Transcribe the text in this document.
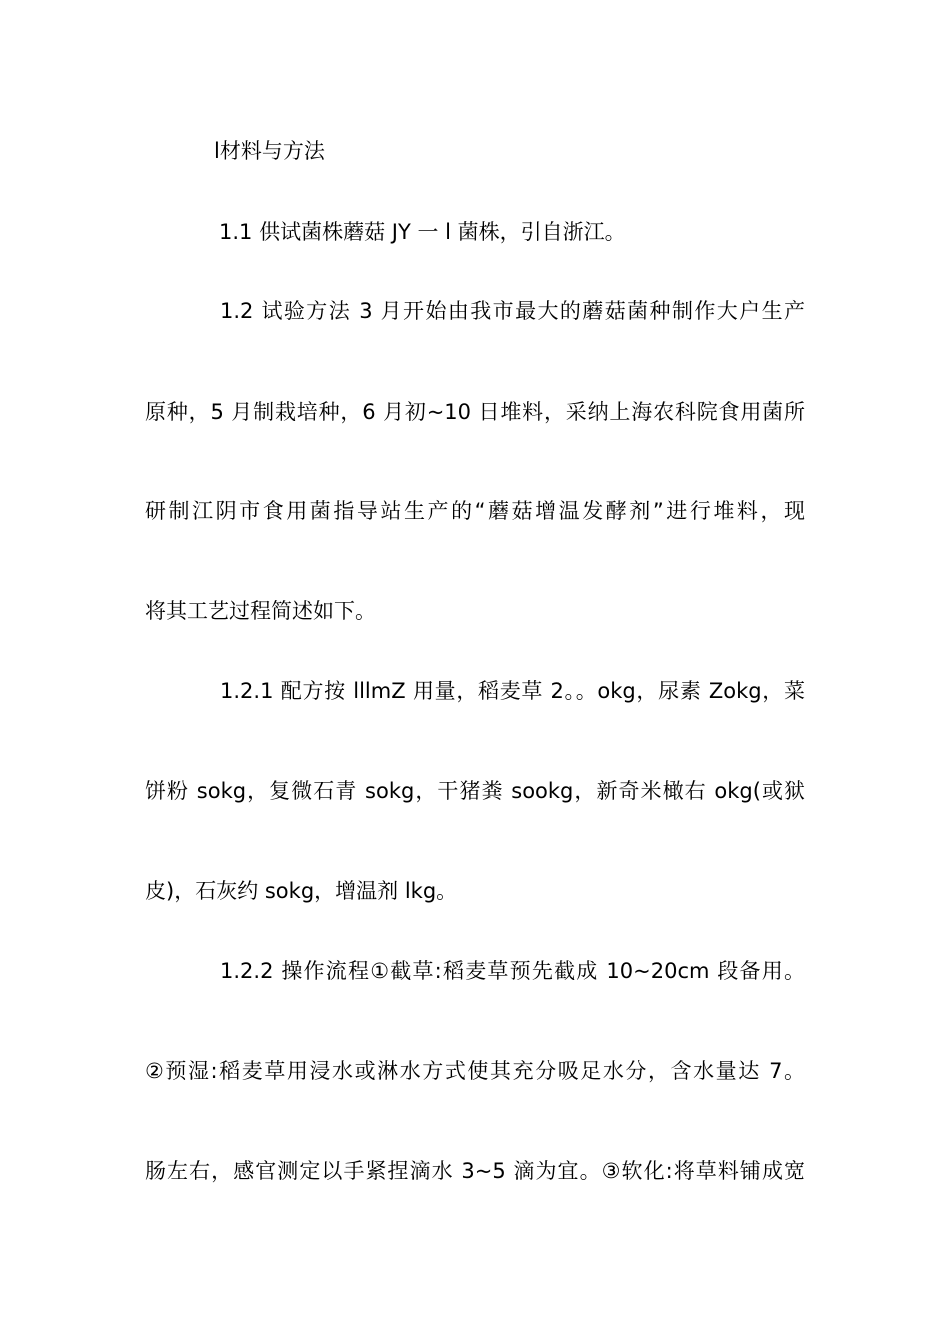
l材料与方法
1.1 供试菌株蘑菇 JY 一 l 菌株，引自浙江。
1.2 试验方法 3 月开始由我市最大的蘑菇菌种制作大户生产
原种，5 月制栽培种，6 月初~10 日堆料，采纳上海农科院食用菌所
研制江阴市食用菌指导站生产的“蘑菇增温发酵剂”进行堆料，现
将其工艺过程简述如下。
1.2.1 配方按 lllmZ 用量，稻麦草 2。。okg，尿素 Zokg，菜
饼粉 sokg，复微石青 sokg，干猪粪 sookg，新奇米橄右 okg(或狱
皮)，石灰约 sokg，增温剂 lkg。
1.2.2 操作流程①截草:稻麦草预先截成 10~20cm 段备用。
②预湿:稻麦草用浸水或淋水方式使其充分吸足水分，含水量达 7。
肠左右，感官测定以手紧捏滴水 3~5 滴为宜。③软化:将草料铺成宽
